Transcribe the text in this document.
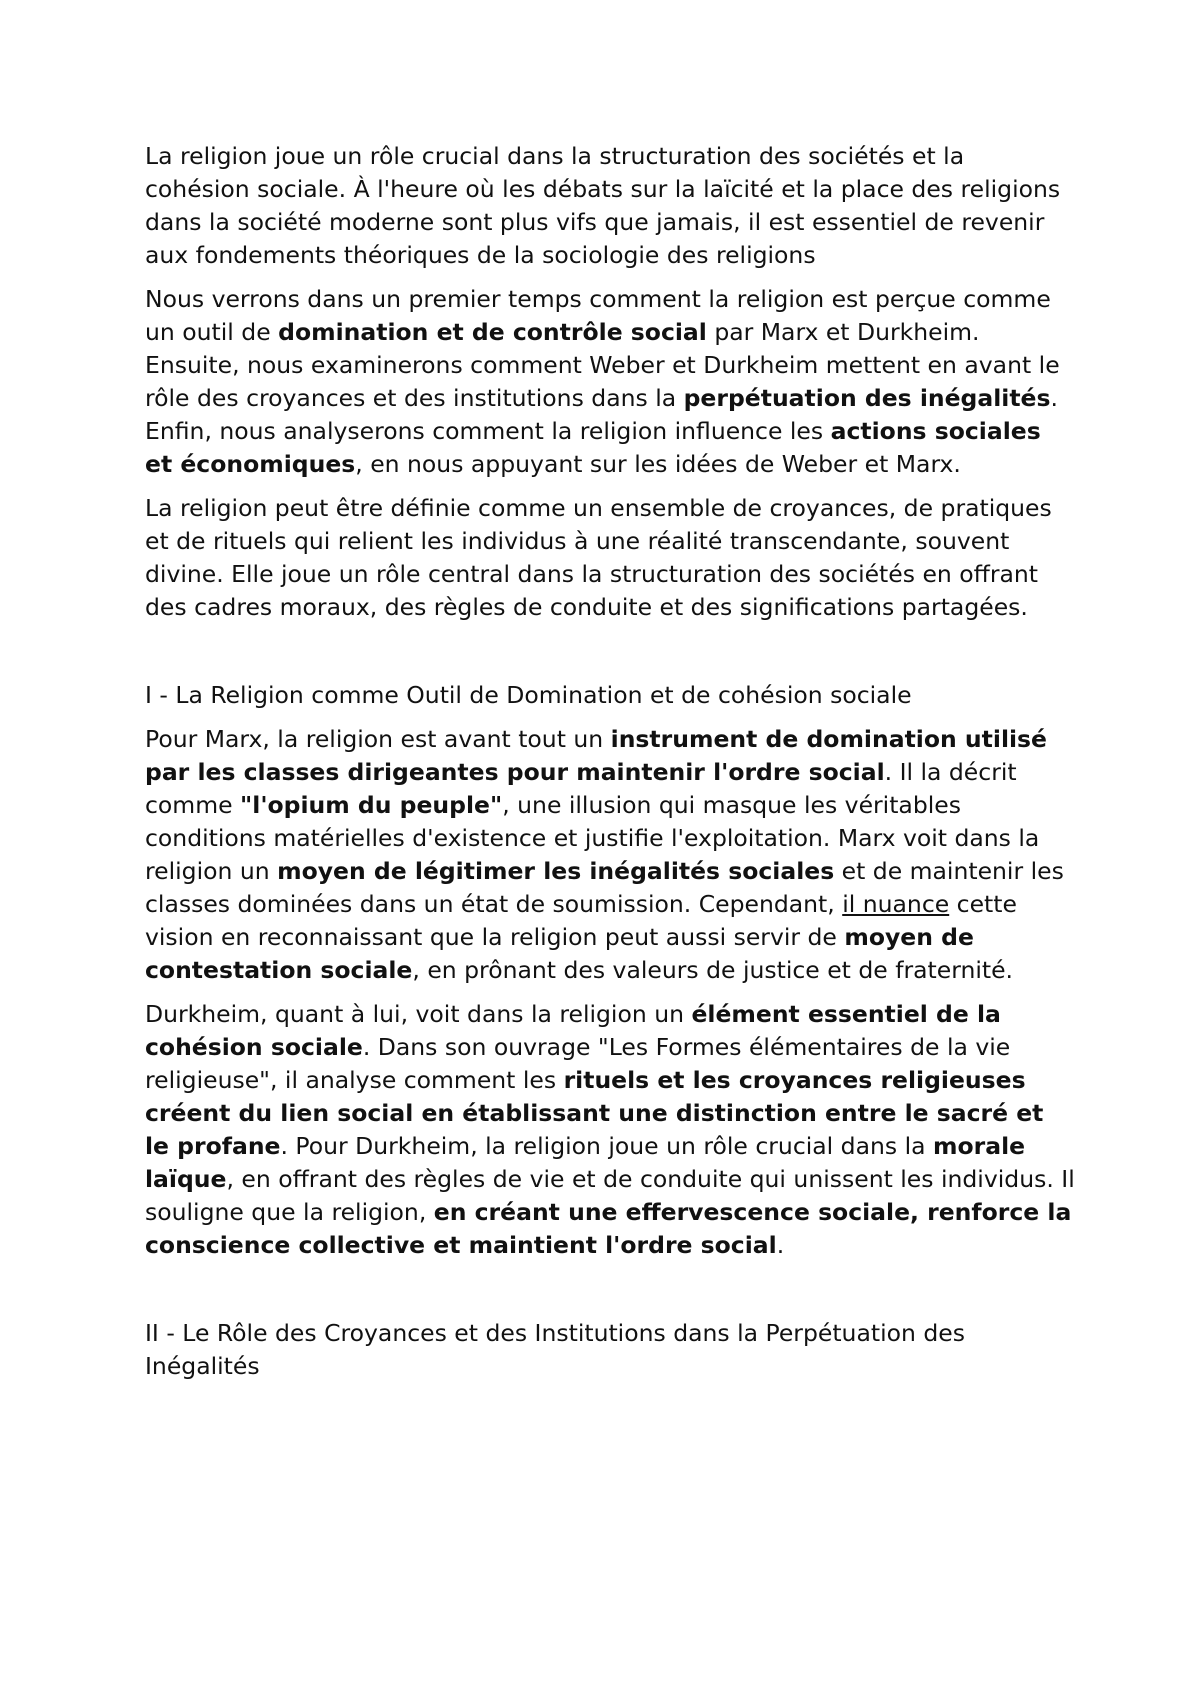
La religion joue un rôle crucial dans la structuration des sociétés et la cohésion sociale. À l'heure où les débats sur la laïcité et la place des religions dans la société moderne sont plus vifs que jamais, il est essentiel de revenir aux fondements théoriques de la sociologie des religions

Nous verrons dans un premier temps comment la religion est perçue comme un outil de domination et de contrôle social par Marx et Durkheim. Ensuite, nous examinerons comment Weber et Durkheim mettent en avant le rôle des croyances et des institutions dans la perpétuation des inégalités. Enfin, nous analyserons comment la religion influence les actions sociales et économiques, en nous appuyant sur les idées de Weber et Marx.

La religion peut être définie comme un ensemble de croyances, de pratiques et de rituels qui relient les individus à une réalité transcendante, souvent divine. Elle joue un rôle central dans la structuration des sociétés en offrant des cadres moraux, des règles de conduite et des significations partagées.

I - La Religion comme Outil de Domination et de cohésion sociale

Pour Marx, la religion est avant tout un instrument de domination utilisé par les classes dirigeantes pour maintenir l'ordre social. Il la décrit comme "l'opium du peuple", une illusion qui masque les véritables conditions matérielles d'existence et justifie l'exploitation. Marx voit dans la religion un moyen de légitimer les inégalités sociales et de maintenir les classes dominées dans un état de soumission. Cependant, il nuance cette vision en reconnaissant que la religion peut aussi servir de moyen de contestation sociale, en prônant des valeurs de justice et de fraternité.

Durkheim, quant à lui, voit dans la religion un élément essentiel de la cohésion sociale. Dans son ouvrage "Les Formes élémentaires de la vie religieuse", il analyse comment les rituels et les croyances religieuses créent du lien social en établissant une distinction entre le sacré et le profane. Pour Durkheim, la religion joue un rôle crucial dans la morale laïque, en offrant des règles de vie et de conduite qui unissent les individus. Il souligne que la religion, en créant une effervescence sociale, renforce la conscience collective et maintient l'ordre social.

II - Le Rôle des Croyances et des Institutions dans la Perpétuation des Inégalités
